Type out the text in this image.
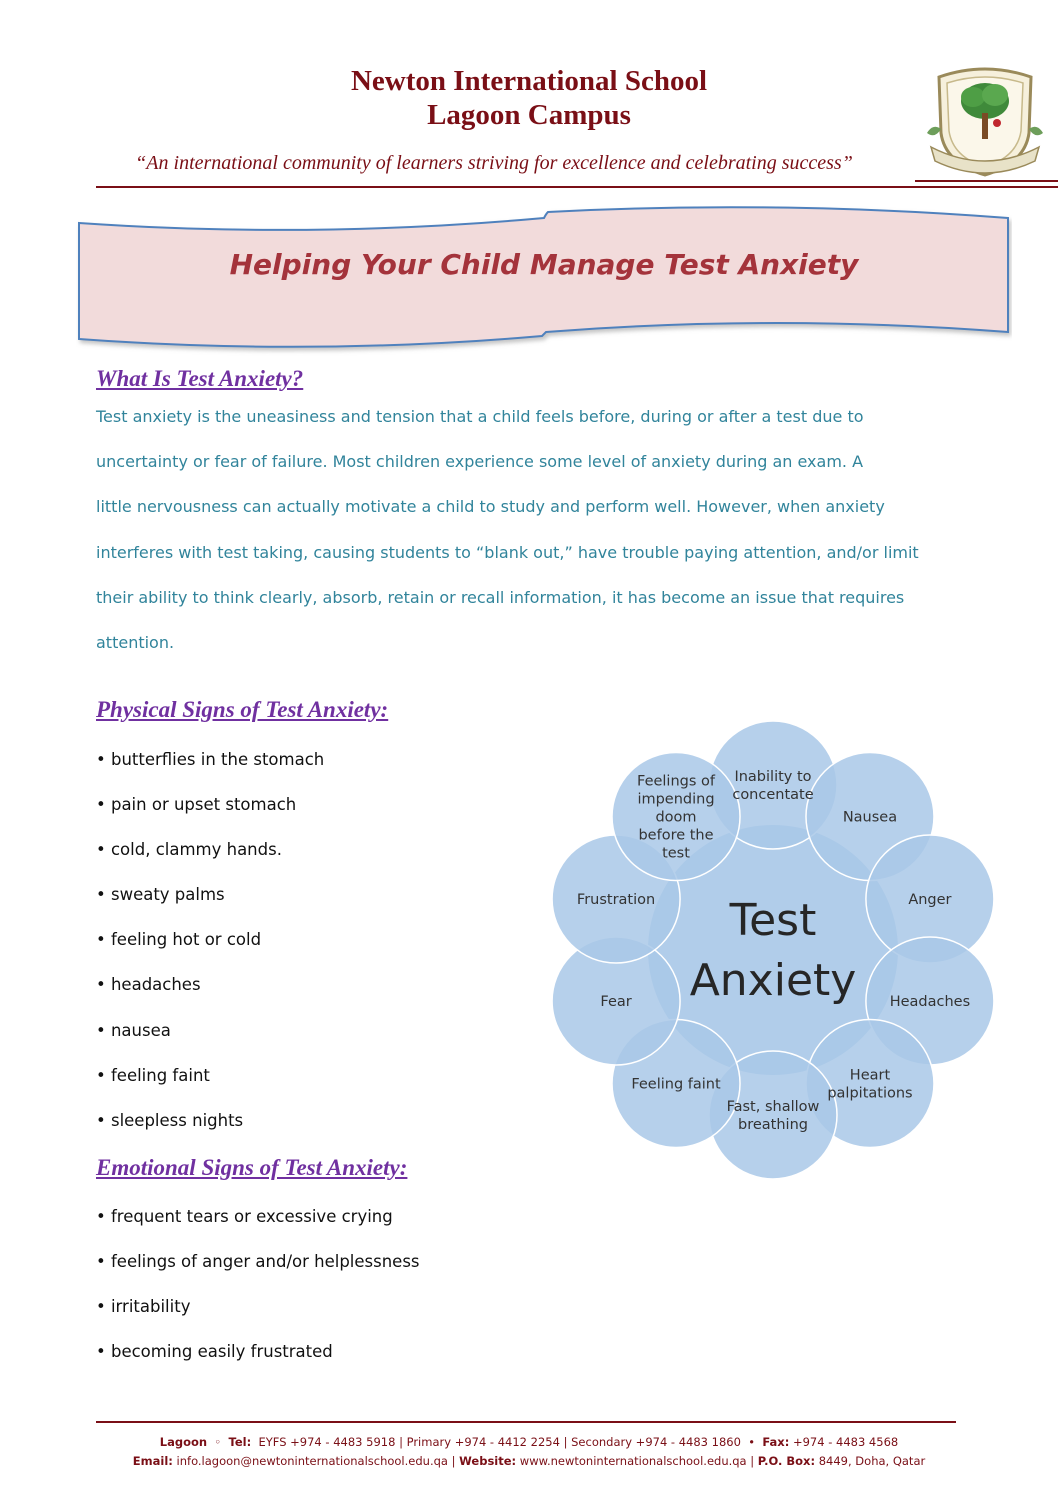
Newton International School
Lagoon Campus

“An international community of learners striving for excellence and celebrating success”

Helping Your Child Manage Test Anxiety

What Is Test Anxiety?

Test anxiety is the uneasiness and tension that a child feels before, during or after a test due to
uncertainty or fear of failure. Most children experience some level of anxiety during an exam. A
little nervousness can actually motivate a child to study and perform well. However, when anxiety
interferes with test taking, causing students to “blank out,” have trouble paying attention, and/or limit
their ability to think clearly, absorb, retain or recall information, it has become an issue that requires
attention.

Physical Signs of Test Anxiety:

• butterflies in the stomach
• pain or upset stomach
• cold, clammy hands.
• sweaty palms
• feeling hot or cold
• headaches
• nausea
• feeling faint
• sleepless nights

Emotional Signs of Test Anxiety:

• frequent tears or excessive crying
• feelings of anger and/or helplessness
• irritability
• becoming easily frustrated
Inability to concentate
Nausea
Anger
Headaches
Heart palpitations
Fast, shallow breathing
Feeling faint
Fear
Frustration
Feelings of impending doom before the test
Test Anxiety

Lagoon ◦ Tel: EYFS +974 - 4483 5918 | Primary +974 - 4412 2254 | Secondary +974 - 4483 1860 • Fax: +974 - 4483 4568

Email: info.lagoon@newtoninternationalschool.edu.qa | Website: www.newtoninternationalschool.edu.qa | P.O. Box: 8449, Doha, Qatar
